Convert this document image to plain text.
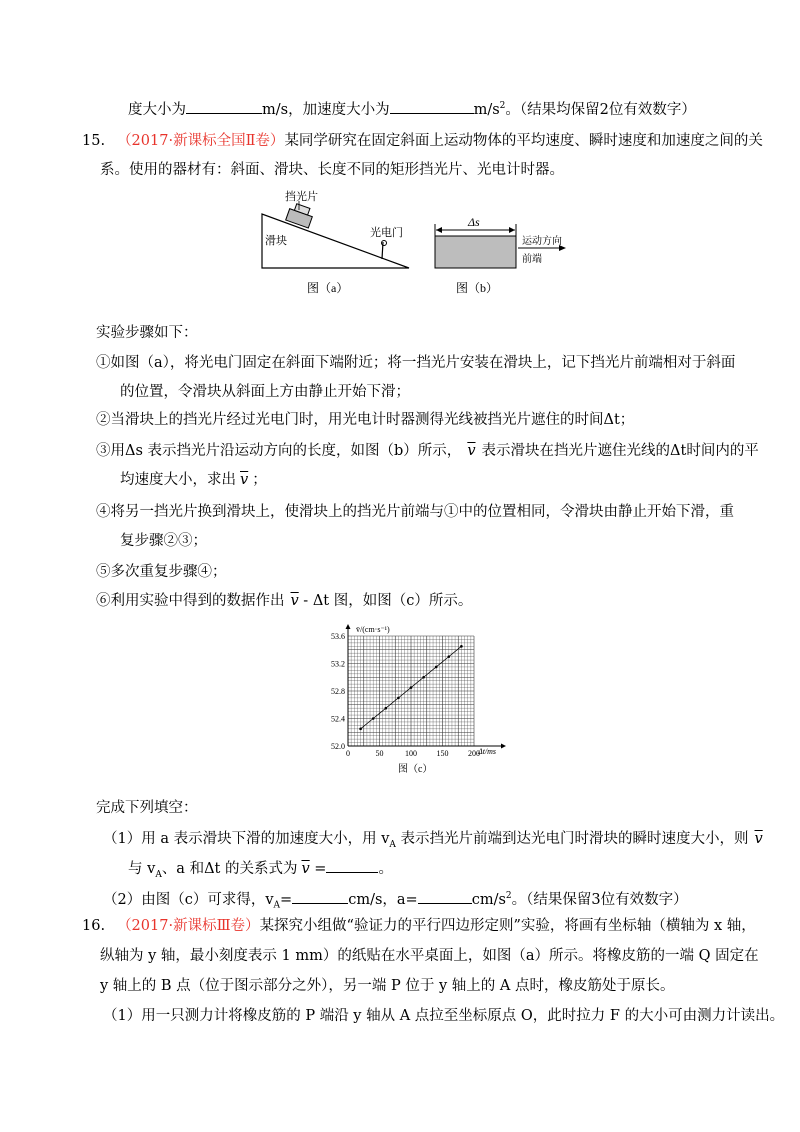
度大小为	m/s，加速度大小为	$m/s^2$。（结果均保留2位有效数字）
15. （2017·新课标全国Ⅱ卷）某同学研究在固定斜面上运动物体的平均速度、瞬时速度和加速度之间的关
系。使用的器材有：斜面、滑块、长度不同的矩形挡光片、光电计时器。
挡光片
滑块
光电门
图（a）
Δs
运动方向
前端
图（b）
实验步骤如下：
①如图（a），将光电门固定在斜面下端附近；将一挡光片安装在滑块上，记下挡光片前端相对于斜面
的位置，令滑块从斜面上方由静止开始下滑；
②当滑块上的挡光片经过光电门时，用光电计时器测得光线被挡光片遮住的时间Δt；
③用Δs 表示挡光片沿运动方向的长度，如图（b）所示， $\overline{v}$ 表示滑块在挡光片遮住光线的Δt时间内的平
均速度大小，求出 $\overline{v}$ ；
④将另一挡光片换到滑块上，使滑块上的挡光片前端与①中的位置相同，令滑块由静止开始下滑，重
复步骤②③；
⑤多次重复步骤④；
⑥利用实验中得到的数据作出 $\overline{v}$ - Δt 图，如图（c）所示。
0	50	100 150 200
52.0
52.4
52.8
53.2
53.6
v̄/(cm·s⁻¹)
Δt/ms
图（c）
完成下列填空：
（1）用 a 表示滑块下滑的加速度大小，用 $v_A$ 表示挡光片前端到达光电门时滑块的瞬时速度大小，则 $\overline{v}$
与 $v_A$、a 和Δt 的关系式为 $\overline{v}$ =	。
（2）由图（c）可求得，$v_A=$	cm/s，a=	$cm/s^2$。（结果保留3位有效数字）
16. （2017·新课标Ⅲ卷）某探究小组做“验证力的平行四边形定则”实验，将画有坐标轴（横轴为 x 轴，
纵轴为 y 轴，最小刻度表示 1 mm）的纸贴在水平桌面上，如图（a）所示。将橡皮筋的一端 Q 固定在
y 轴上的 B 点（位于图示部分之外），另一端 P 位于 y 轴上的 A 点时，橡皮筋处于原长。
（1）用一只测力计将橡皮筋的 P 端沿 y 轴从 A 点拉至坐标原点 O，此时拉力 F 的大小可由测力计读出。
